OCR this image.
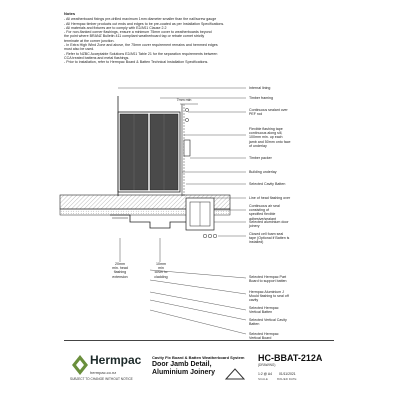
Notes
- All weatherboard fixings pre-drilled maximum 1mm diameter smaller than the nail/screw gauge
- All Hermpac timber products cut ends and edges to be pre-coated as per Installation Specifications.
- All materials and fixtures are to comply with E2/AS1 Clause 2.2
- For non-flanked corner flashings, ensure a minimum 75mm cover to weatherboards beyond
the point where BRANZ Bulletin 411 compliant weatherboard tap or rebate cornet strictly
terminate at the corner junction.
- In Extra High Wind Zone and above, the 75mm cover requirement remains and hemmed edges
must also be used.
- Refer to NZBC Acceptable Solutions E2/AS1 Table 21 for the separation requirements between
CCA treated battens and metal flashings.
- Prior to installation, refer to Hermpac Board & Batten Technical Installation Specifications.
Internal lining
Timber framing
Continuous sealant over
PEF rod
Flexible flashing tape
continuous along sill,
100mm min. up each
jamb and 50mm onto face
of underlay
Timber packer
Building underlay
Selected Cavity Batten
Line of head flashing over
Continuous air seal
consisting of
specified flexible
adhesive/sealant
Selected aluminium door
joinery
Closed cell foam seal
tape (Optional if Batten is
installed)
Selected Hermpac Part
Board to support batten
Hermpac Aluminium J
Mould flashing to seal off
cavity
Selected Hermpac
Vertical Batten
Selected Vertical Cavity
Batten
Selected Hermpac
Vertical Board
7mm min
20mm
min. head
flashing
extension
10mm
min
cover to
cladding
Hermpac
hermpac.co.nz
SUBJECT TO CHANGE WITHOUT NOTICE
Cavity Fix Board & Batten Weatherboard System
Door Jamb Detail,
Aluminium Joinery
HC-BBAT-212A
(DRAWING)
1:2 @ A4 01/11/2021
SCALE	ISSUED DATE
